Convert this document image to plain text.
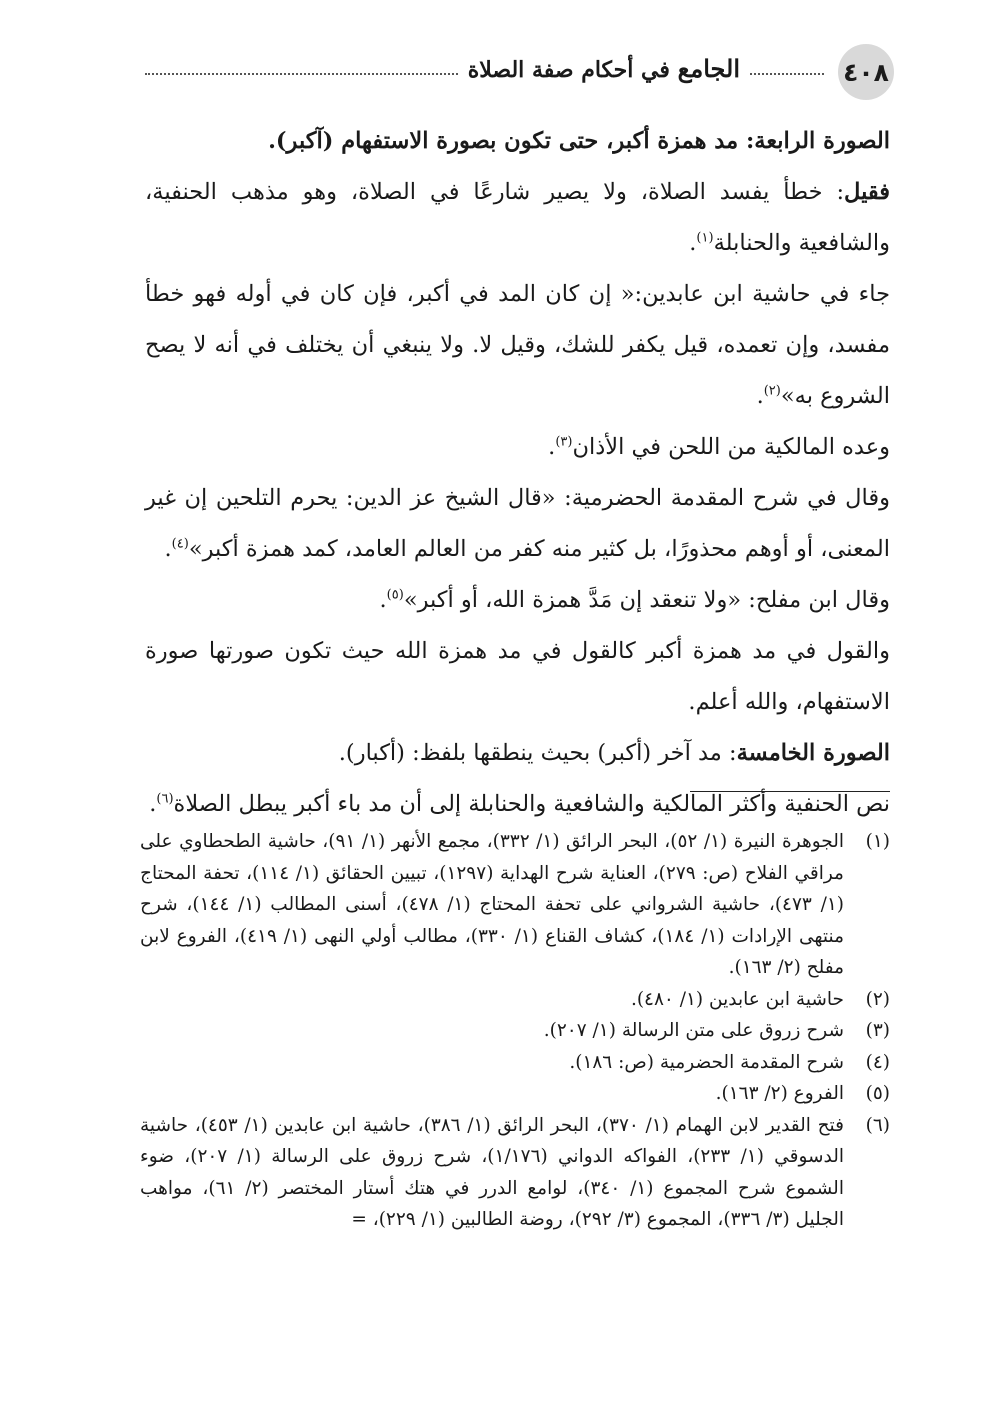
٤٠٨
الجامع في أحكام صفة الصلاة

الصورة الرابعة: مد همزة أكبر، حتى تكون بصورة الاستفهام (آكبر).

فقيل: خطأ يفسد الصلاة، ولا يصير شارعًا في الصلاة، وهو مذهب الحنفية، والشافعية والحنابلة$^{(١)}$.

جاء في حاشية ابن عابدين:« إن كان المد في أكبر، فإن كان في أوله فهو خطأ مفسد، وإن تعمده، قيل يكفر للشك، وقيل لا. ولا ينبغي أن يختلف في أنه لا يصح الشروع به»$^{(٢)}$.

وعده المالكية من اللحن في الأذان$^{(٣)}$.

وقال في شرح المقدمة الحضرمية: «قال الشيخ عز الدين: يحرم التلحين إن غير المعنى، أو أوهم محذورًا، بل كثير منه كفر من العالم العامد، كمد همزة أكبر»$^{(٤)}$.

وقال ابن مفلح: «ولا تنعقد إن مَدَّ همزة الله، أو أكبر»$^{(٥)}$.

والقول في مد همزة أكبر كالقول في مد همزة الله حيث تكون صورتها صورة الاستفهام، والله أعلم.

الصورة الخامسة: مد آخر (أكبر) بحيث ينطقها بلفظ: (أكبار).

نص الحنفية وأكثر المالكية والشافعية والحنابلة إلى أن مد باء أكبر يبطل الصلاة$^{(٦)}$.

(١)
الجوهرة النيرة (١/ ٥٢)، البحر الرائق (١/ ٣٣٢)، مجمع الأنهر (١/ ٩١)، حاشية الطحطاوي على مراقي الفلاح (ص: ٢٧٩)، العناية شرح الهداية (١٢٩٧)، تبيين الحقائق (١/ ١١٤)، تحفة المحتاج (١/ ٤٧٣)، حاشية الشرواني على تحفة المحتاج (١/ ٤٧٨)، أسنى المطالب (١/ ١٤٤)، شرح منتهى الإرادات (١/ ١٨٤)، كشاف القناع (١/ ٣٣٠)، مطالب أولي النهى (١/ ٤١٩)، الفروع لابن مفلح (٢/ ١٦٣).
(٢)
حاشية ابن عابدين (١/ ٤٨٠).
(٣)
شرح زروق على متن الرسالة (١/ ٢٠٧).
(٤)
شرح المقدمة الحضرمية (ص: ١٨٦).
(٥)
الفروع (٢/ ١٦٣).
(٦)
فتح القدير لابن الهمام (١/ ٣٧٠)، البحر الرائق (١/ ٣٨٦)، حاشية ابن عابدين (١/ ٤٥٣)، حاشية الدسوقي (١/ ٢٣٣)، الفواكه الدواني (١/١٧٦)، شرح زروق على الرسالة (١/ ٢٠٧)، ضوء الشموع شرح المجموع (١/ ٣٤٠)، لوامع الدرر في هتك أستار المختصر (٢/ ٦١)، مواهب الجليل (٣/ ٣٣٦)، المجموع (٣/ ٢٩٢)، روضة الطالبين (١/ ٢٢٩)، =
